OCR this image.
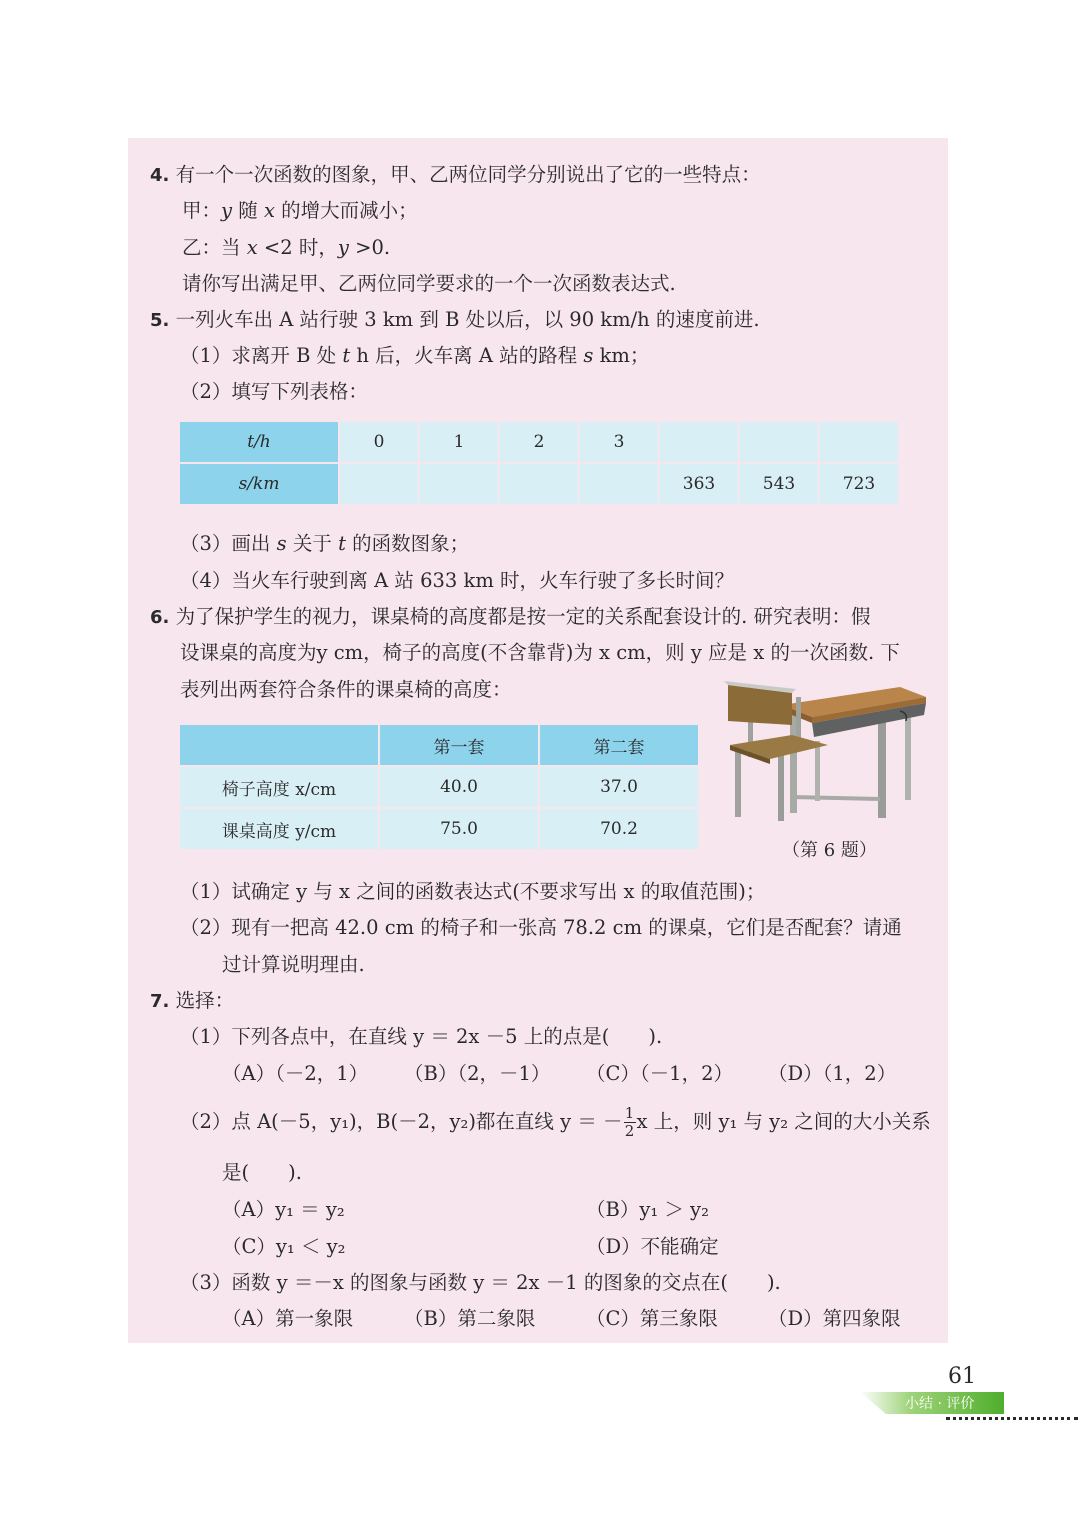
4. 有一个一次函数的图象，甲、乙两位同学分别说出了它的一些特点：
甲：y 随 x 的增大而减小；
乙：当 x <2 时，y >0.
请你写出满足甲、乙两位同学要求的一个一次函数表达式.
5. 一列火车出 A 站行驶 3 km 到 B 处以后，以 90 km/h 的速度前进.
（1）求离开 B 处 t h 后，火车离 A 站的路程 s km；
（2）填写下列表格：
t/h	0	1	2	3			
s/km					363	543	723
（3）画出 s 关于 t 的函数图象；
（4）当火车行驶到离 A 站 633 km 时，火车行驶了多长时间？
6. 为了保护学生的视力，课桌椅的高度都是按一定的关系配套设计的. 研究表明：假
设课桌的高度为y cm，椅子的高度(不含靠背)为 x cm，则 y 应是 x 的一次函数. 下
表列出两套符合条件的课桌椅的高度：
	第一套	第二套
椅子高度 x/cm	40.0	37.0
课桌高度 y/cm	75.0	70.2
（第 6 题）
（1）试确定 y 与 x 之间的函数表达式(不要求写出 x 的取值范围)；
（2）现有一把高 42.0 cm 的椅子和一张高 78.2 cm 的课桌，它们是否配套？请通
过计算说明理由.
7. 选择：
（1）下列各点中，在直线 y ＝ 2x －5 上的点是(　　).
（A）（－2，1） （B）（2，－1） （C）（－1，2） （D）（1，2）
（2）点 A(－5，y₁)，B(－2，y₂)都在直线 y ＝ － $\frac{1}{2}$ x 上，则 y₁ 与 y₂ 之间的大小关系
是(　　).
（A）y₁ ＝ y₂	（B）y₁ ＞ y₂
（C）y₁ ＜ y₂	（D）不能确定
（3）函数 y ＝－x 的图象与函数 y ＝ 2x －1 的图象的交点在(　　).
（A）第一象限	（B）第二象限	（C）第三象限	（D）第四象限
61
小结 · 评价
